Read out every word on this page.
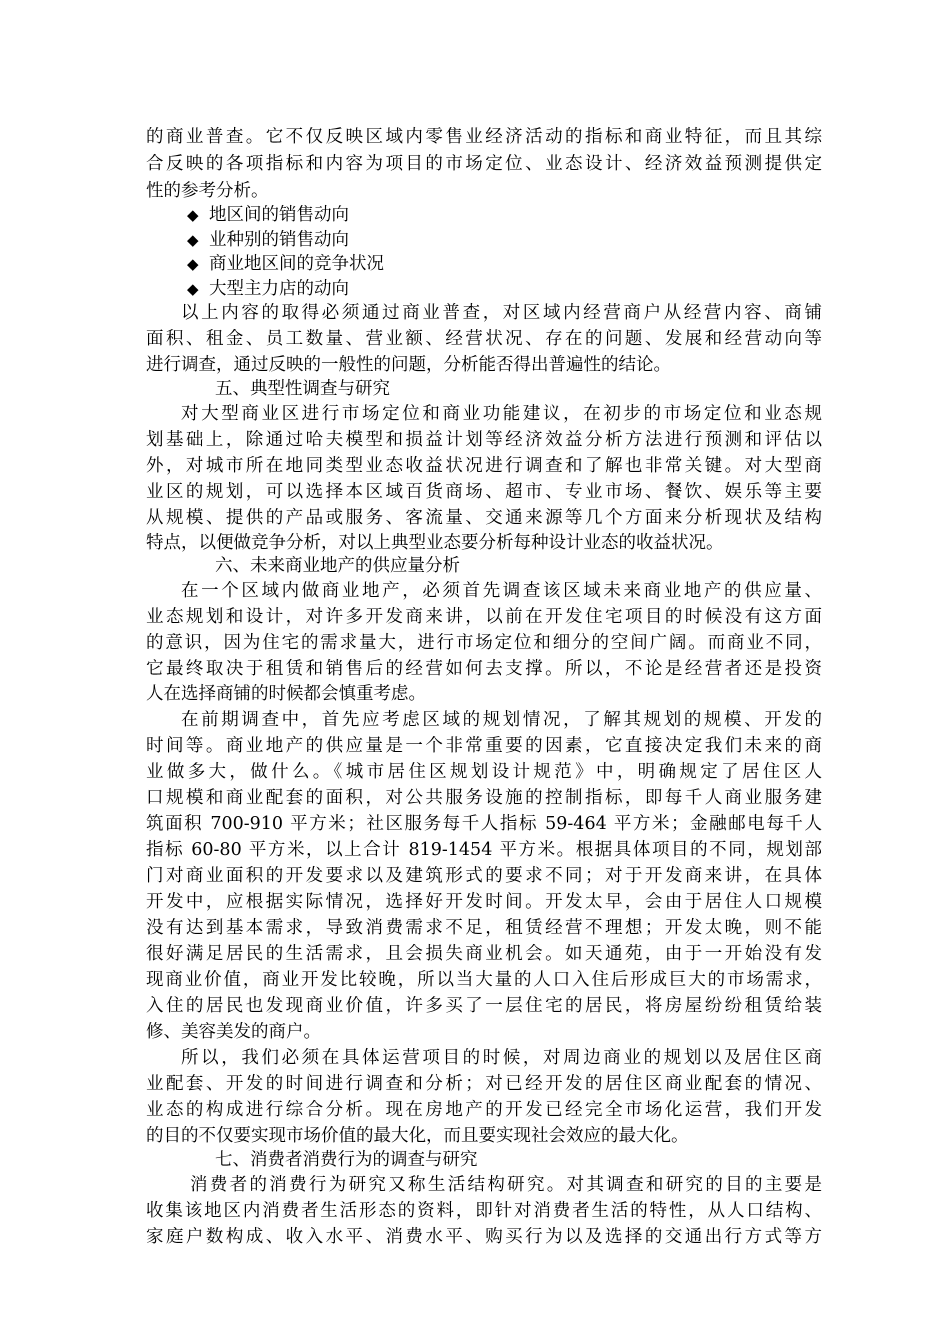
的商业普查。它不仅反映区域内零售业经济活动的指标和商业特征，而且其综
合反映的各项指标和内容为项目的市场定位、业态设计、经济效益预测提供定
性的参考分析。
◆ 地区间的销售动向
◆ 业种别的销售动向
◆ 商业地区间的竞争状况
◆ 大型主力店的动向
以上内容的取得必须通过商业普查，对区域内经营商户从经营内容、商铺
面积、租金、员工数量、营业额、经营状况、存在的问题、发展和经营动向等
进行调查，通过反映的一般性的问题，分析能否得出普遍性的结论。
五、典型性调查与研究
对大型商业区进行市场定位和商业功能建议，在初步的市场定位和业态规
划基础上，除通过哈夫模型和损益计划等经济效益分析方法进行预测和评估以
外，对城市所在地同类型业态收益状况进行调查和了解也非常关键。对大型商
业区的规划，可以选择本区域百货商场、超市、专业市场、餐饮、娱乐等主要
从规模、提供的产品或服务、客流量、交通来源等几个方面来分析现状及结构
特点，以便做竞争分析，对以上典型业态要分析每种设计业态的收益状况。
六、未来商业地产的供应量分析
在一个区域内做商业地产，必须首先调查该区域未来商业地产的供应量、
业态规划和设计，对许多开发商来讲，以前在开发住宅项目的时候没有这方面
的意识，因为住宅的需求量大，进行市场定位和细分的空间广阔。而商业不同，
它最终取决于租赁和销售后的经营如何去支撑。所以，不论是经营者还是投资
人在选择商铺的时候都会慎重考虑。
在前期调查中，首先应考虑区域的规划情况，了解其规划的规模、开发的
时间等。商业地产的供应量是一个非常重要的因素，它直接决定我们未来的商
业做多大，做什么。《城市居住区规划设计规范》中，明确规定了居住区人
口规模和商业配套的面积，对公共服务设施的控制指标，即每千人商业服务建
筑面积 700-910 平方米；社区服务每千人指标 59-464 平方米；金融邮电每千人
指标 60-80 平方米，以上合计 819-1454 平方米。根据具体项目的不同，规划部
门对商业面积的开发要求以及建筑形式的要求不同；对于开发商来讲，在具体
开发中，应根据实际情况，选择好开发时间。开发太早，会由于居住人口规模
没有达到基本需求，导致消费需求不足，租赁经营不理想；开发太晚，则不能
很好满足居民的生活需求，且会损失商业机会。如天通苑，由于一开始没有发
现商业价值，商业开发比较晚，所以当大量的人口入住后形成巨大的市场需求，
入住的居民也发现商业价值，许多买了一层住宅的居民，将房屋纷纷租赁给装
修、美容美发的商户。
所以，我们必须在具体运营项目的时候，对周边商业的规划以及居住区商
业配套、开发的时间进行调查和分析；对已经开发的居住区商业配套的情况、
业态的构成进行综合分析。现在房地产的开发已经完全市场化运营，我们开发
的目的不仅要实现市场价值的最大化，而且要实现社会效应的最大化。
七、消费者消费行为的调查与研究
消费者的消费行为研究又称生活结构研究。对其调查和研究的目的主要是
收集该地区内消费者生活形态的资料，即针对消费者生活的特性，从人口结构、
家庭户数构成、收入水平、消费水平、购买行为以及选择的交通出行方式等方
